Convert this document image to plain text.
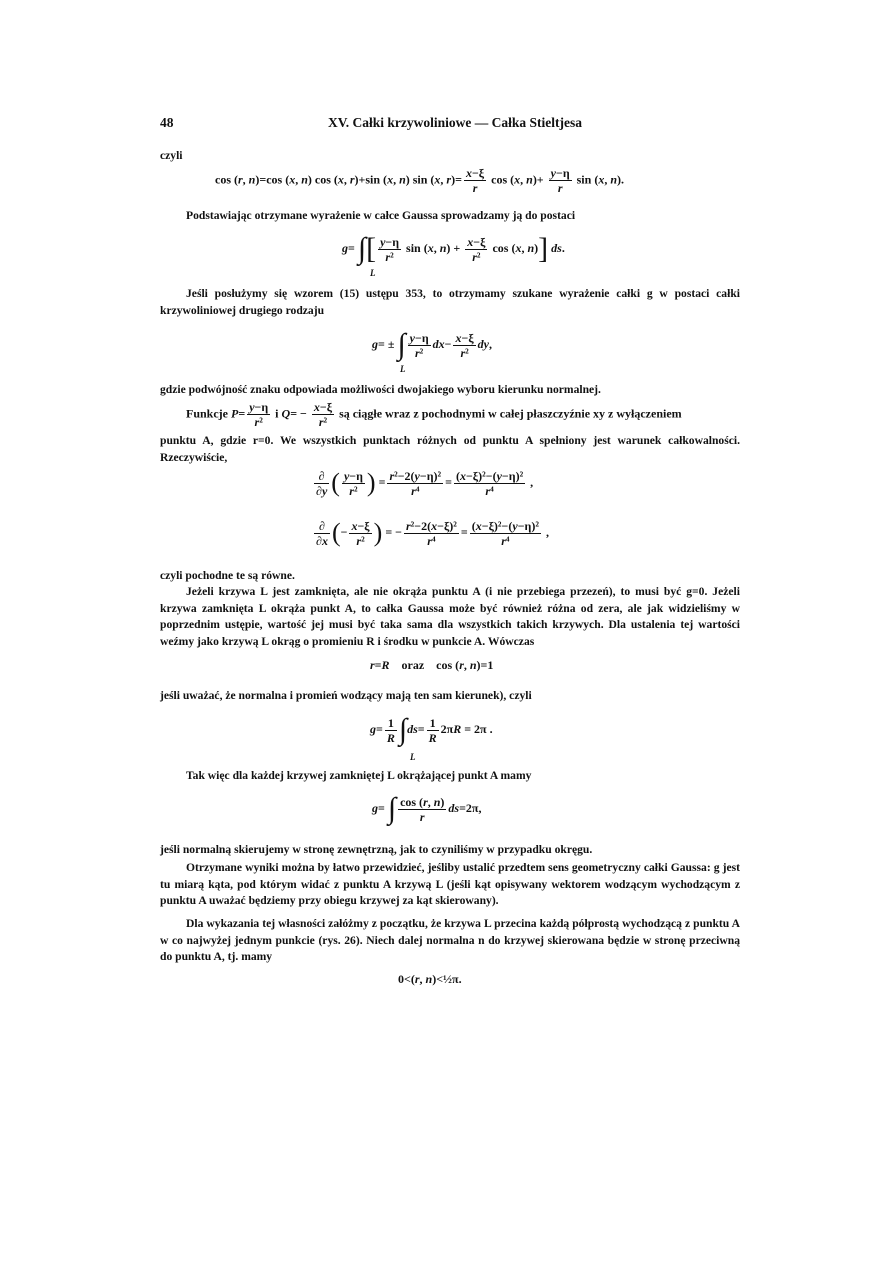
48	XV. Całki krzywoliniowe — Całka Stieltjesa
czyli
cos (r, n)=cos (x, n) cos (x, r)+sin (x, n) sin (x, $r)= \frac{x-\xi}{r}$ cos (x, $n)+ \frac{y-\eta}{r}$ sin (x, n).
Podstawiając otrzymane wyrażenie w całce Gaussa sprowadzamy ją do postaci
g= ∫[ $\frac{y-\eta}{\text{r²}}$ sin (x, $n) + \frac{x-\xi}{\text{r²}}$ cos (x, n)] ds.
L
Jeśli posłużymy się wzorem (15) ustępu 353, to otrzymamy szukane wyrażenie całki g w postaci całki krzywoliniowej drugiego rodzaju
g= ± ∫ $\frac{y-\eta}{\text{r²}} dx- \frac{x-\xi}{\text{r²}}$ dy,
L
gdzie podwójność znaku odpowiada możliwości dwojakiego wyboru kierunku normalnej.
Funkcje $P= \frac{y-\eta}{\text{r²}}$ i $Q= - \frac{x-\xi}{\text{r²}}$ są ciągłe wraz z pochodnymi w całej płaszczyźnie xy z wyłączeniem
punktu A, gdzie r=0. We wszystkich punktach różnych od punktu A spełniony jest warunek całkowalności. Rzeczywiście,
$\frac{\partial}{\partial y}$ ( $\frac{y-\eta}{\text{r²}}$ ) = $\frac{\text{r²−2(y−η)²}}{\text{r⁴}} = \frac{\text{(x−ξ)²−(y−η)²}}{\text{r⁴}}$ ,
$\frac{\partial}{\partial x}$ (− $\frac{x-\xi}{\text{r²}}$ ) = − $\frac{\text{r²−2(x−ξ)²}}{\text{r⁴}} = \frac{\text{(x−ξ)²−(y−η)²}}{\text{r⁴}}$ ,
czyli pochodne te są równe.
Jeżeli krzywa L jest zamknięta, ale nie okrąża punktu A (i nie przebiega przezeń), to musi być g=0. Jeżeli krzywa zamknięta L okrąża punkt A, to całka Gaussa może być również różna od zera, ale jak widzieliśmy w poprzednim ustępie, wartość jej musi być taka sama dla wszystkich takich krzywych. Dla ustalenia tej wartości weźmy jako krzywą L okrąg o promieniu R i środku w punkcie A. Wówczas
r=R    oraz    cos (r, n)=1
jeśli uważać, że normalna i promień wodzący mają ten sam kierunek), czyli
$g= \frac{1}{R} \int ds= \frac{1}{R} 2\pi R = 2\pi$ .
L
Tak więc dla każdej krzywej zamkniętej L okrążającej punkt A mamy
g= ∫ $\frac{\cos (r, n)}{r} ds=2\pi$,
jeśli normalną skierujemy w stronę zewnętrzną, jak to czyniliśmy w przypadku okręgu.
Otrzymane wyniki można by łatwo przewidzieć, jeśliby ustalić przedtem sens geometryczny całki Gaussa: g jest tu miarą kąta, pod którym widać z punktu A krzywą L (jeśli kąt opisywany wektorem wodzącym wychodzącym z punktu A uważać będziemy przy obiegu krzywej za kąt skierowany).
Dla wykazania tej własności załóżmy z początku, że krzywa L przecina każdą półprostą wychodzącą z punktu A w co najwyżej jednym punkcie (rys. 26). Niech dalej normalna n do krzywej skierowana będzie w stronę przeciwną do punktu A, tj. mamy
0<(r, n)<½π.
